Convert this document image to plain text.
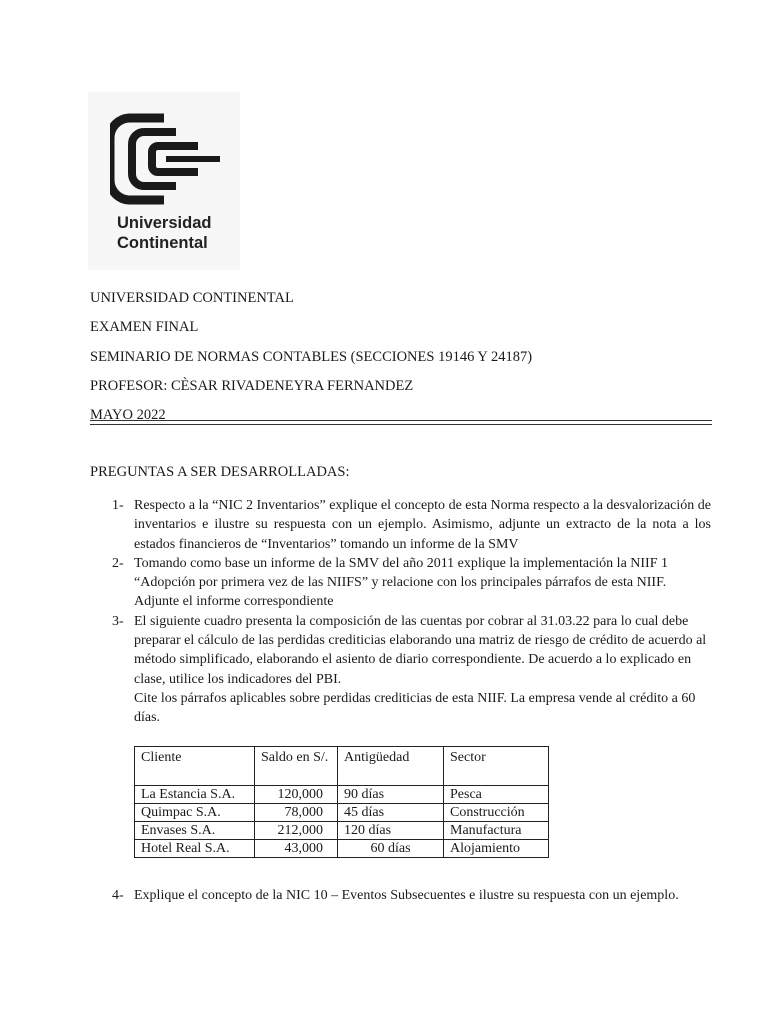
Universidad
Continental
UNIVERSIDAD CONTINENTAL
EXAMEN FINAL
SEMINARIO DE NORMAS CONTABLES (SECCIONES 19146 Y 24187)
PROFESOR: CÈSAR RIVADENEYRA FERNANDEZ
MAYO 2022
PREGUNTAS A SER DESARROLLADAS:
1- Respecto a la “NIC 2 Inventarios” explique el concepto de esta Norma respecto a la desvalorización de inventarios e ilustre su respuesta con un ejemplo. Asimismo, adjunte un extracto de la nota a los estados financieros de “Inventarios” tomando un informe de la SMV

2- Tomando como base un informe de la SMV del año 2011 explique la implementación la NIIF 1 “Adopción por primera vez de las NIIFS” y relacione con los principales párrafos de esta NIIF. Adjunte el informe correspondiente

3- El siguiente cuadro presenta la composición de las cuentas por cobrar al 31.03.22 para lo cual debe preparar el cálculo de las perdidas crediticias elaborando una matriz de riesgo de crédito de acuerdo al método simplificado, elaborando el asiento de diario correspondiente. De acuerdo a lo explicado en clase, utilice los indicadores del PBI.

Cite los párrafos aplicables sobre perdidas crediticias de esta NIIF. La empresa vende al crédito a 60 días.

Cliente	Saldo en S/.	Antigüedad	Sector
La Estancia S.A.	120,000	90 días	Pesca
Quimpac S.A.	78,000	45 días	Construcción
Envases S.A.	212,000	120 días	Manufactura
Hotel Real S.A.	43,000	60 días	Alojamiento
4- Explique el concepto de la NIC 10 – Eventos Subsecuentes e ilustre su respuesta con un ejemplo.
